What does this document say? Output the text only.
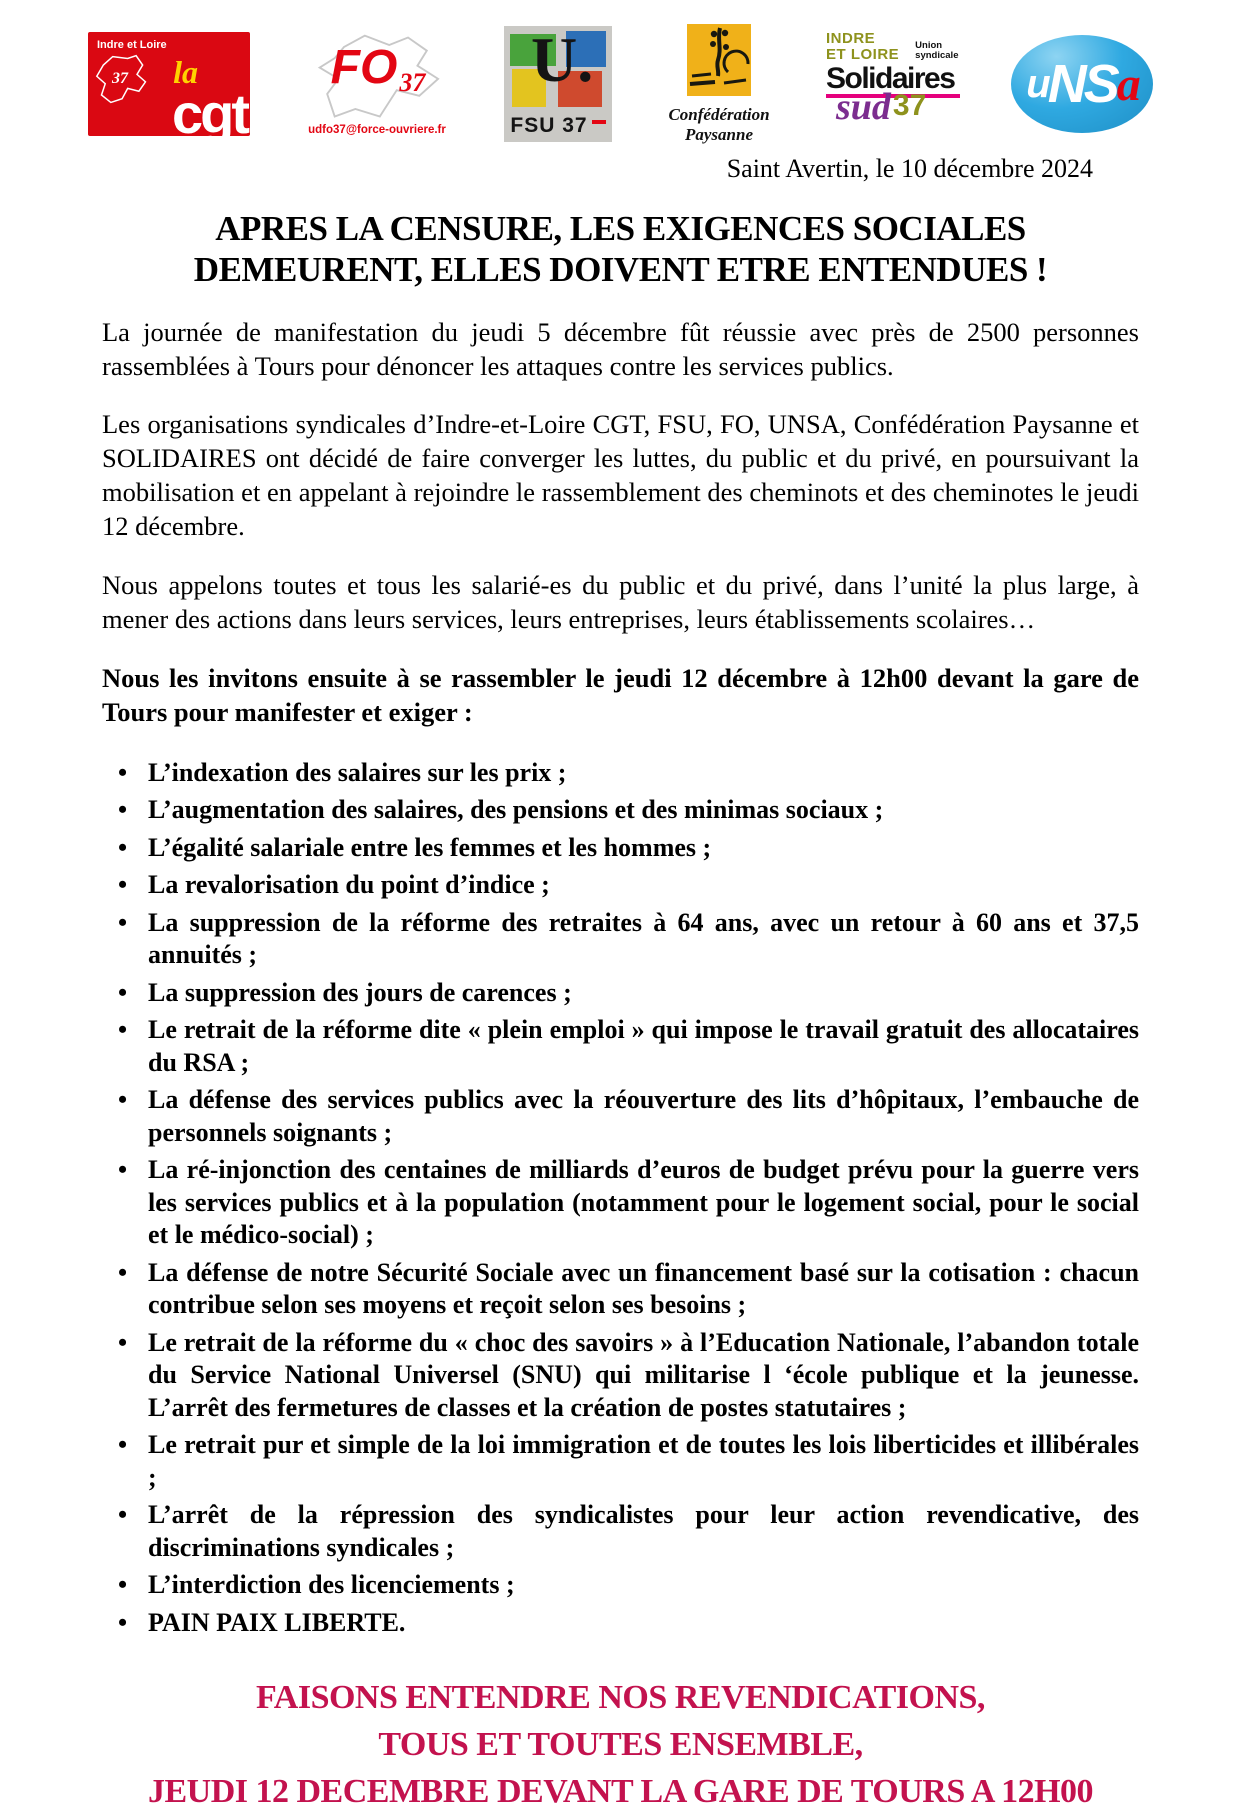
Indre et Loire
37 la
cgt
FO37
udfo37@force-ouvriere.fr
U.
FSU 37	Confédération
Paysanne
INDRE
ET LOIRE
Union
syndicale
Solidaires
sud37	u N S a
Saint Avertin, le 10 décembre 2024
APRES LA CENSURE, LES EXIGENCES SOCIALES
DEMEURENT, ELLES DOIVENT ETRE ENTENDUES !

La journée de manifestation du jeudi 5 décembre fût réussie avec près de 2500 personnes rassemblées à Tours pour dénoncer les attaques contre les services publics.

Les organisations syndicales d’Indre-et-Loire CGT, FSU, FO, UNSA, Confédération Paysanne et SOLIDAIRES ont décidé de faire converger les luttes, du public et du privé, en poursuivant la mobilisation et en appelant à rejoindre le rassemblement des cheminots et des cheminotes le jeudi 12 décembre.

Nous appelons toutes et tous les salarié-es du public et du privé, dans l’unité la plus large, à mener des actions dans leurs services, leurs entreprises, leurs établissements scolaires…

Nous les invitons ensuite à se rassembler le jeudi 12 décembre à 12h00 devant la gare de Tours pour manifester et exiger :

• L’indexation des salaires sur les prix ;
• L’augmentation des salaires, des pensions et des minimas sociaux ;
• L’égalité salariale entre les femmes et les hommes ;
• La revalorisation du point d’indice ;
• La suppression de la réforme des retraites à 64 ans, avec un retour à 60 ans et 37,5 annuités ;
• La suppression des jours de carences ;
• Le retrait de la réforme dite « plein emploi » qui impose le travail gratuit des allocataires du RSA ;
• La défense des services publics avec la réouverture des lits d’hôpitaux, l’embauche de personnels soignants ;
• La ré-injonction des centaines de milliards d’euros de budget prévu pour la guerre vers les services publics et à la population (notamment pour le logement social, pour le social et le médico-social) ;
• La défense de notre Sécurité Sociale avec un financement basé sur la cotisation : chacun contribue selon ses moyens et reçoit selon ses besoins ;
• Le retrait de la réforme du « choc des savoirs » à l’Education Nationale, l’abandon totale du Service National Universel (SNU) qui militarise l ‘école publique et la jeunesse. L’arrêt des fermetures de classes et la création de postes statutaires ;
• Le retrait pur et simple de la loi immigration et de toutes les lois liberticides et illibérales ;
• L’arrêt de la répression des syndicalistes pour leur action revendicative, des discriminations syndicales ;
• L’interdiction des licenciements ;
• PAIN PAIX LIBERTE.
FAISONS ENTENDRE NOS REVENDICATIONS,
TOUS ET TOUTES ENSEMBLE,
JEUDI 12 DECEMBRE DEVANT LA GARE DE TOURS A 12H00
